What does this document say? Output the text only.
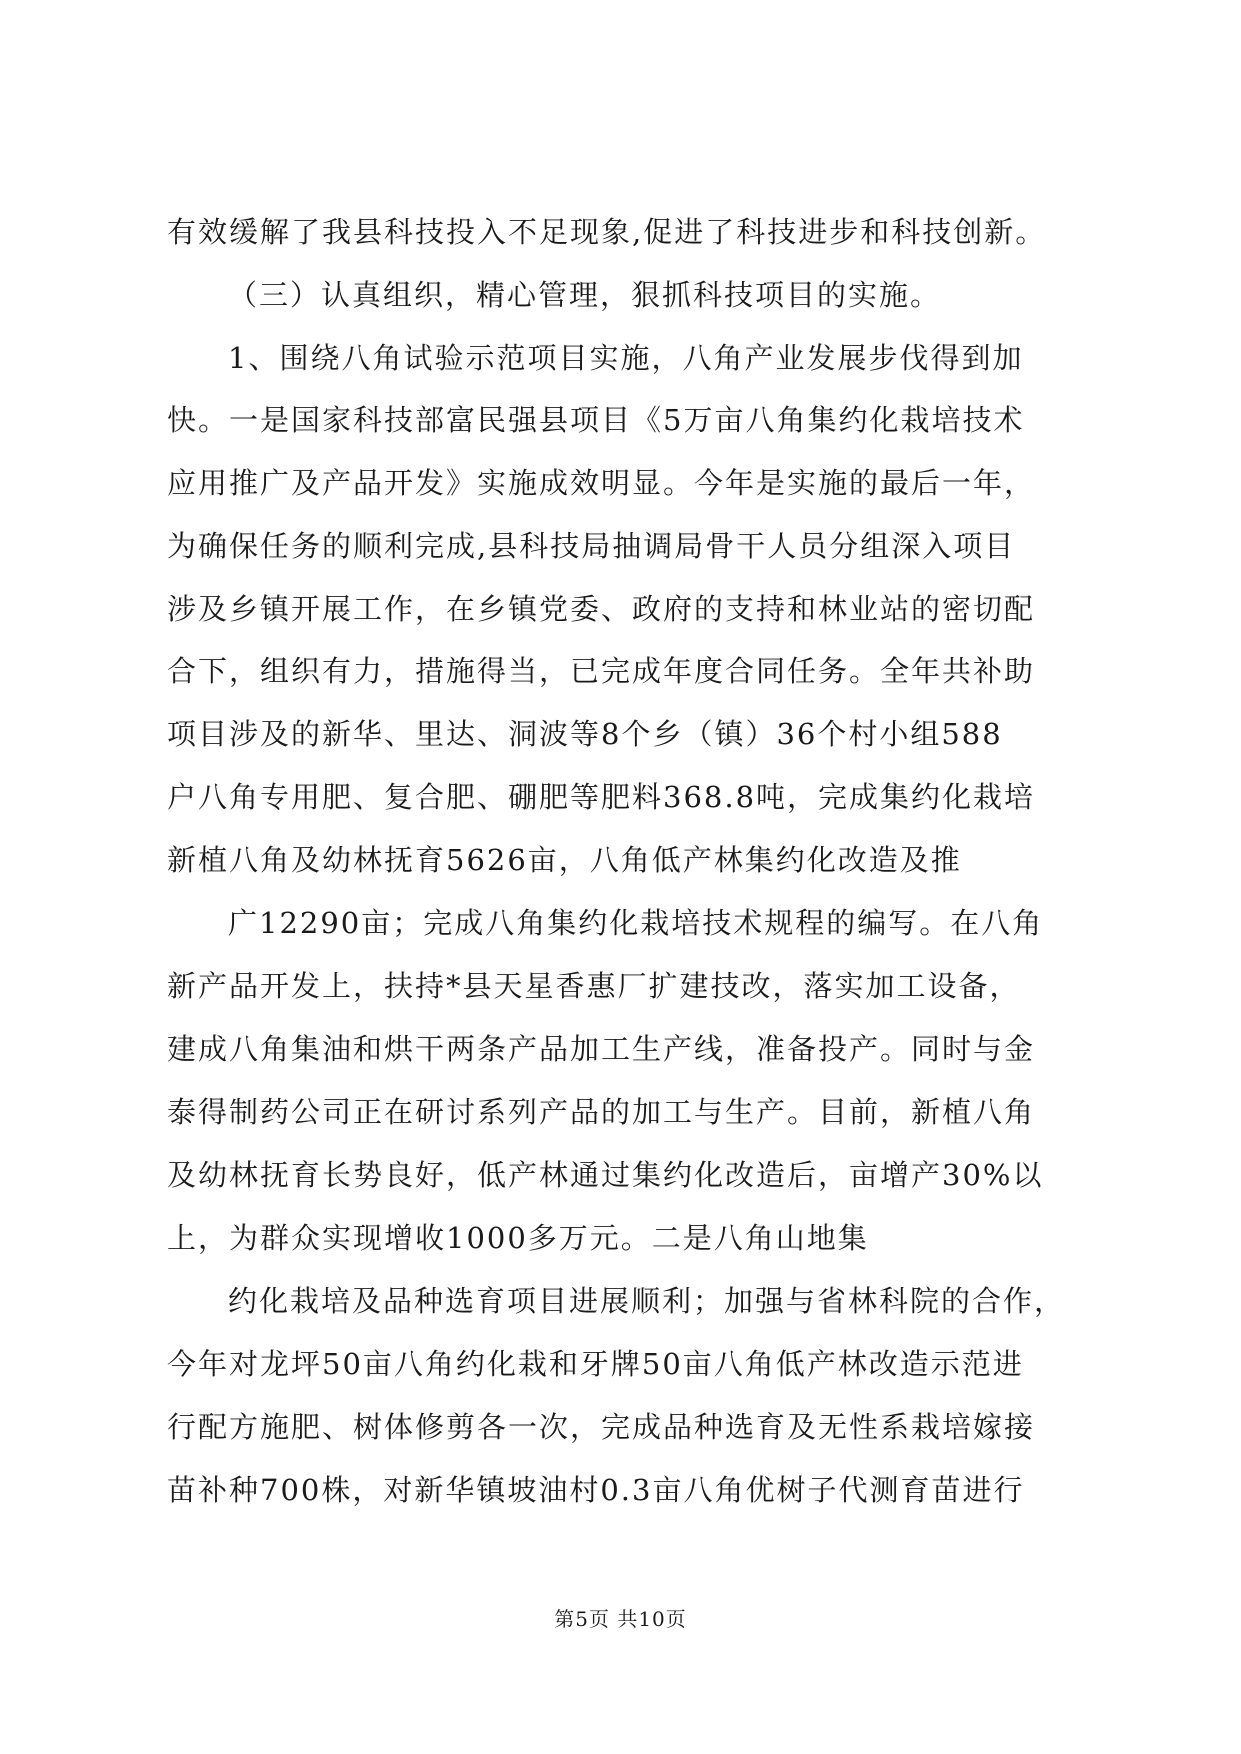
有效缓解了我县科技投入不足现象,促进了科技进步和科技创新。
（三）认真组织，精心管理，狠抓科技项目的实施。
1、围绕八角试验示范项目实施，八角产业发展步伐得到加
快。一是国家科技部富民强县项目《5万亩八角集约化栽培技术
应用推广及产品开发》实施成效明显。今年是实施的最后一年，
为确保任务的顺利完成,县科技局抽调局骨干人员分组深入项目
涉及乡镇开展工作，在乡镇党委、政府的支持和林业站的密切配
合下，组织有力，措施得当，已完成年度合同任务。全年共补助
项目涉及的新华、里达、洞波等8个乡（镇）36个村小组588
户八角专用肥、复合肥、硼肥等肥料368.8吨，完成集约化栽培
新植八角及幼林抚育5626亩，八角低产林集约化改造及推
广12290亩；完成八角集约化栽培技术规程的编写。在八角
新产品开发上，扶持*县天星香惠厂扩建技改，落实加工设备，
建成八角集油和烘干两条产品加工生产线，准备投产。同时与金
泰得制药公司正在研讨系列产品的加工与生产。目前，新植八角
及幼林抚育长势良好，低产林通过集约化改造后，亩增产30%以
上，为群众实现增收1000多万元。二是八角山地集
约化栽培及品种选育项目进展顺利；加强与省林科院的合作，
今年对龙坪50亩八角约化栽和牙牌50亩八角低产林改造示范进
行配方施肥、树体修剪各一次，完成品种选育及无性系栽培嫁接
苗补种700株，对新华镇坡油村0.3亩八角优树子代测育苗进行
第5页 共10页
